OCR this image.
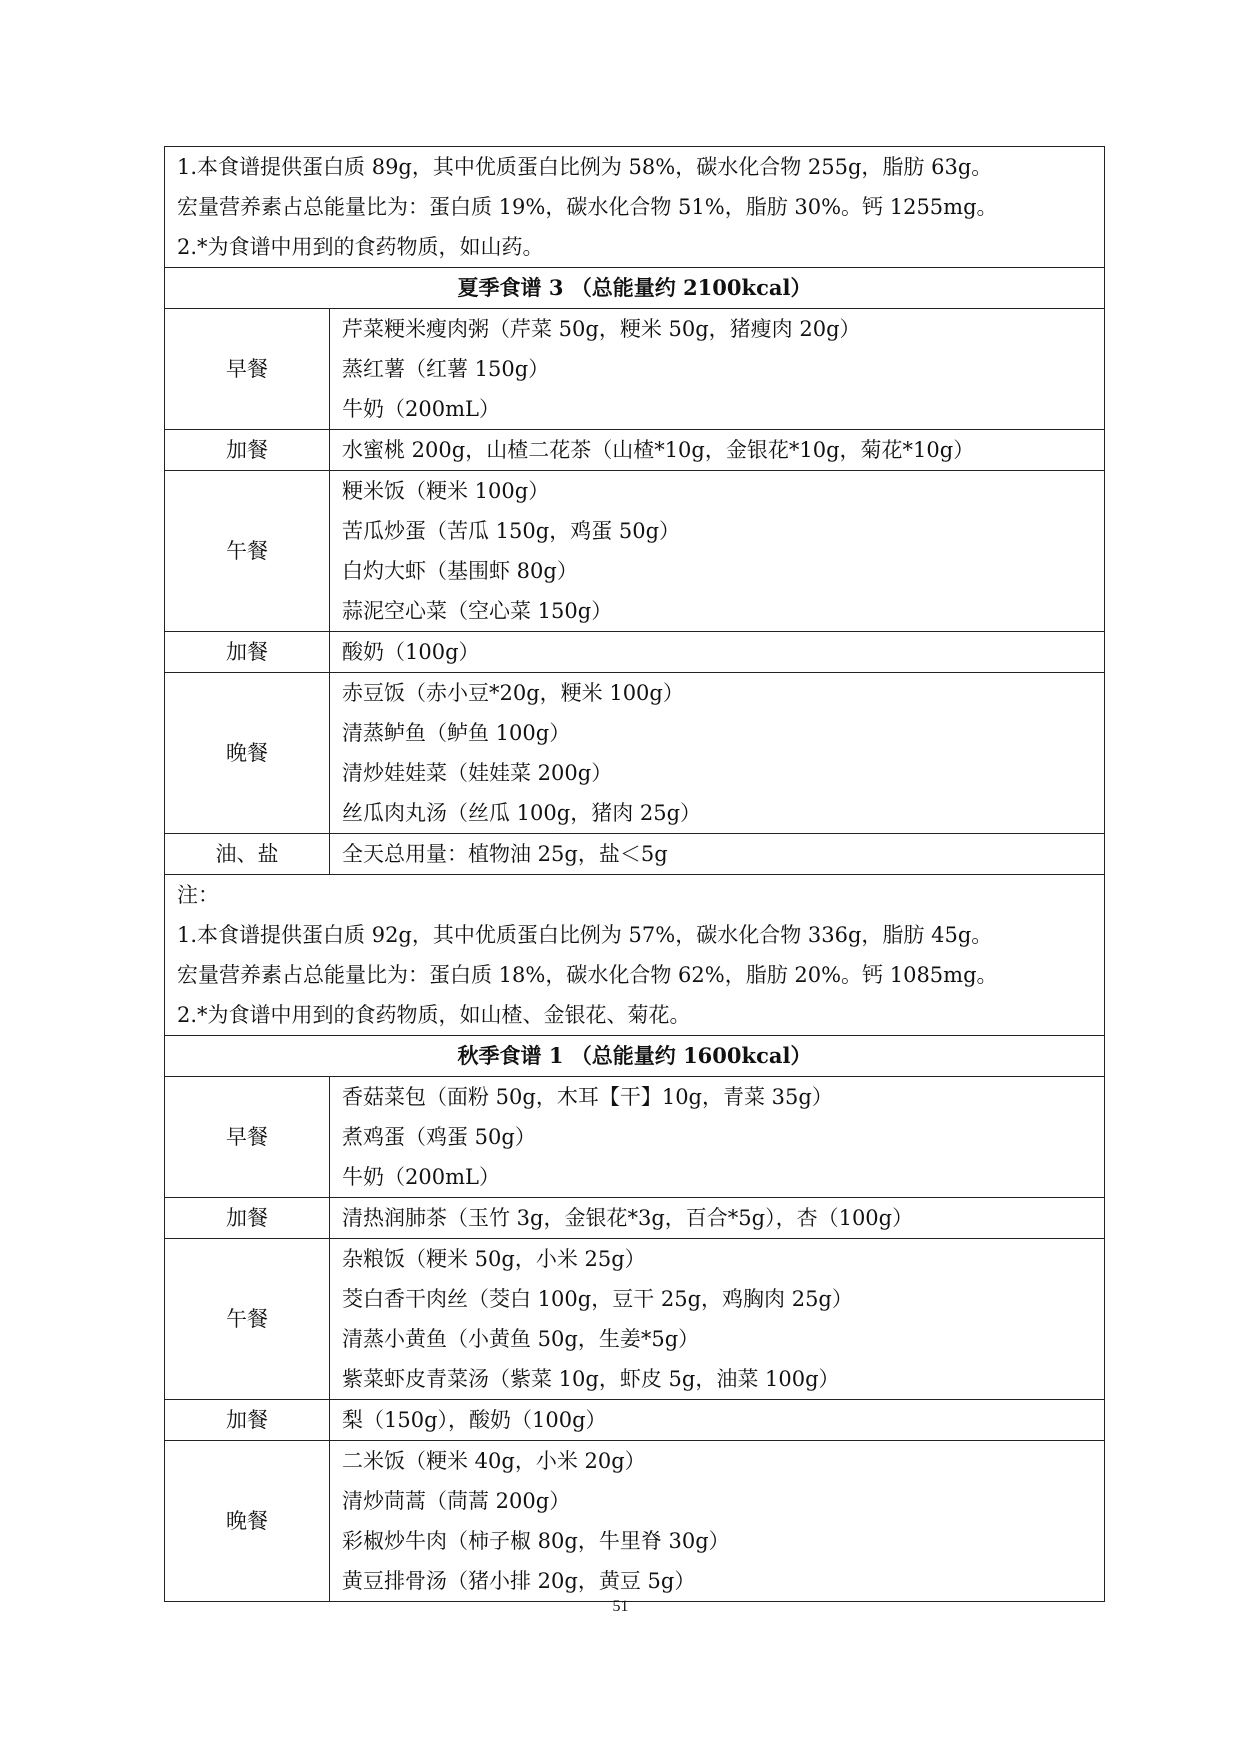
1.本食谱提供蛋白质 89g，其中优质蛋白比例为 58%，碳水化合物 255g，脂肪 63g。
宏量营养素占总能量比为：蛋白质 19%，碳水化合物 51%，脂肪 30%。钙 1255mg。
2.*为食谱中用到的食药物质，如山药。	

夏季食谱 3 （总能量约 2100kcal）	
早餐	芹菜粳米瘦肉粥（芹菜 50g，粳米 50g，猪瘦肉 20g）
蒸红薯（红薯 150g）
牛奶（200mL）

加餐	水蜜桃 200g，山楂二花茶（山楂*10g，金银花*10g，菊花*10g）

午餐	粳米饭（粳米 100g）
苦瓜炒蛋（苦瓜 150g，鸡蛋 50g）
白灼大虾（基围虾 80g）
蒜泥空心菜（空心菜 150g）

加餐	酸奶（100g）

晚餐	赤豆饭（赤小豆*20g，粳米 100g）
清蒸鲈鱼（鲈鱼 100g）
清炒娃娃菜（娃娃菜 200g）
丝瓜肉丸汤（丝瓜 100g，猪肉 25g）

油、盐	全天总用量：植物油 25g，盐＜5g

注：
1.本食谱提供蛋白质 92g，其中优质蛋白比例为 57%，碳水化合物 336g，脂肪 45g。
宏量营养素占总能量比为：蛋白质 18%，碳水化合物 62%，脂肪 20%。钙 1085mg。
2.*为食谱中用到的食药物质，如山楂、金银花、菊花。	

秋季食谱 1 （总能量约 1600kcal）	
早餐	香菇菜包（面粉 50g，木耳【干】10g，青菜 35g）
煮鸡蛋（鸡蛋 50g）
牛奶（200mL）

加餐	清热润肺茶（玉竹 3g，金银花*3g，百合*5g），杏（100g）

午餐	杂粮饭（粳米 50g，小米 25g）
茭白香干肉丝（茭白 100g，豆干 25g，鸡胸肉 25g）
清蒸小黄鱼（小黄鱼 50g，生姜*5g）
紫菜虾皮青菜汤（紫菜 10g，虾皮 5g，油菜 100g）

加餐	梨（150g），酸奶（100g）

晚餐	二米饭（粳米 40g，小米 20g）
清炒茼蒿（茼蒿 200g）
彩椒炒牛肉（柿子椒 80g，牛里脊 30g）
黄豆排骨汤（猪小排 20g，黄豆 5g）
51
